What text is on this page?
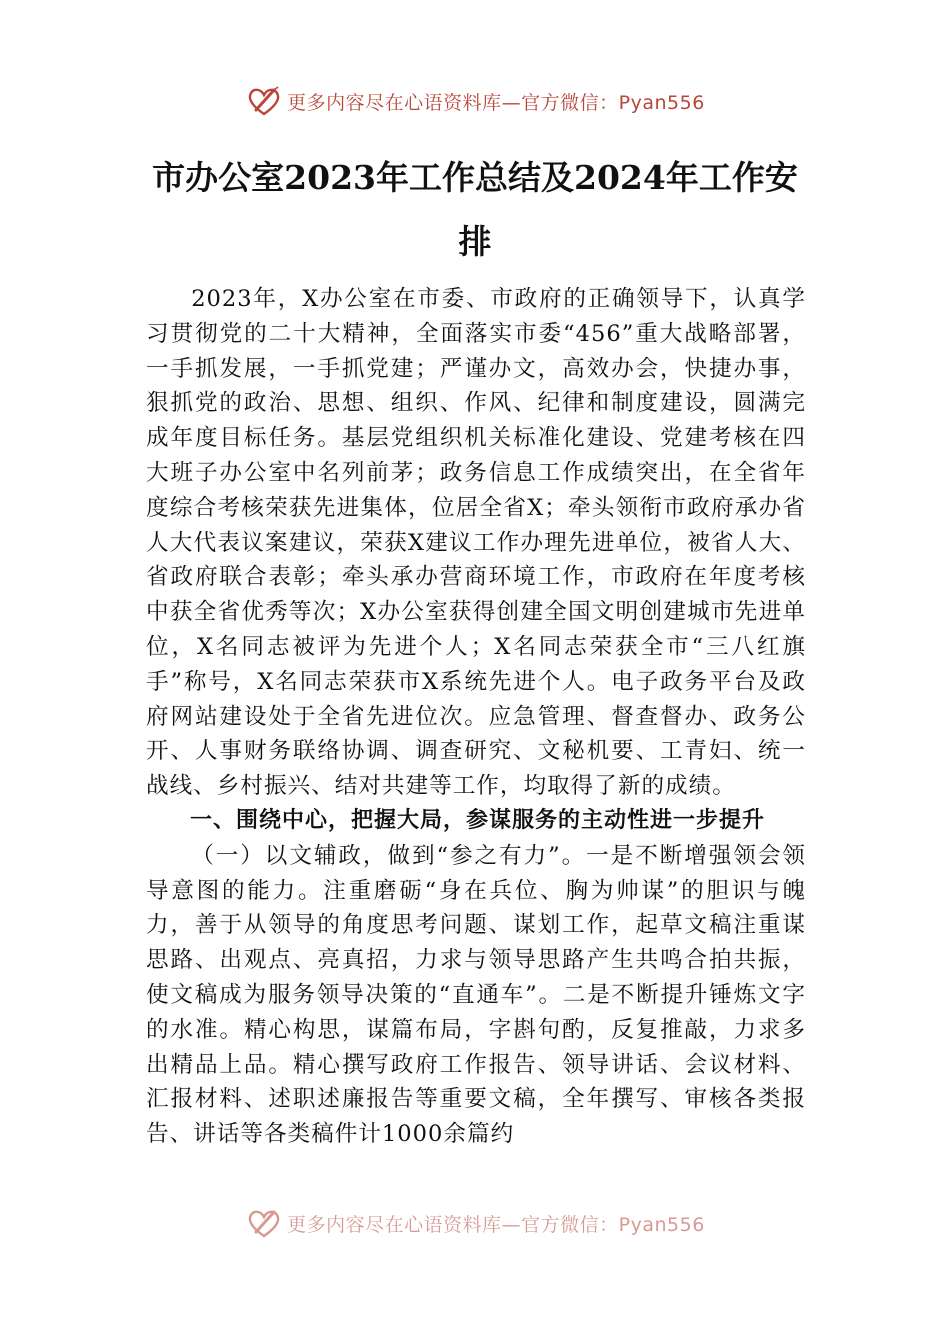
更多内容尽在心语资料库—官方微信：Pyan556
市办公室2023年工作总结及2024年工作安
排

2023年，X办公室在市委、市政府的正确领导下，认真学习贯彻党的二十大精神，全面落实市委“456”重大战略部署，一手抓发展，一手抓党建；严谨办文，高效办会，快捷办事，狠抓党的政治、思想、组织、作风、纪律和制度建设，圆满完成年度目标任务。基层党组织机关标准化建设、党建考核在四大班子办公室中名列前茅；政务信息工作成绩突出，在全省年度综合考核荣获先进集体，位居全省X；牵头领衔市政府承办省人大代表议案建议，荣获X建议工作办理先进单位，被省人大、省政府联合表彰；牵头承办营商环境工作，市政府在年度考核中获全省优秀等次；X办公室获得创建全国文明创建城市先进单位，X名同志被评为先进个人；X名同志荣获全市“三八红旗手”称号，X名同志荣获市X系统先进个人。电子政务平台及政府网站建设处于全省先进位次。应急管理、督查督办、政务公开、人事财务联络协调、调查研究、文秘机要、工青妇、统一战线、乡村振兴、结对共建等工作，均取得了新的成绩。

一、围绕中心，把握大局，参谋服务的主动性进一步提升

（一）以文辅政，做到“参之有力”。一是不断增强领会领导意图的能力。注重磨砺“身在兵位、胸为帅谋”的胆识与魄力，善于从领导的角度思考问题、谋划工作，起草文稿注重谋思路、出观点、亮真招，力求与领导思路产生共鸣合拍共振，使文稿成为服务领导决策的“直通车”。二是不断提升锤炼文字的水准。精心构思，谋篇布局，字斟句酌，反复推敲，力求多出精品上品。精心撰写政府工作报告、领导讲话、会议材料、汇报材料、述职述廉报告等重要文稿，全年撰写、审核各类报告、讲话等各类稿件计1000余篇约

更多内容尽在心语资料库—官方微信：Pyan556
